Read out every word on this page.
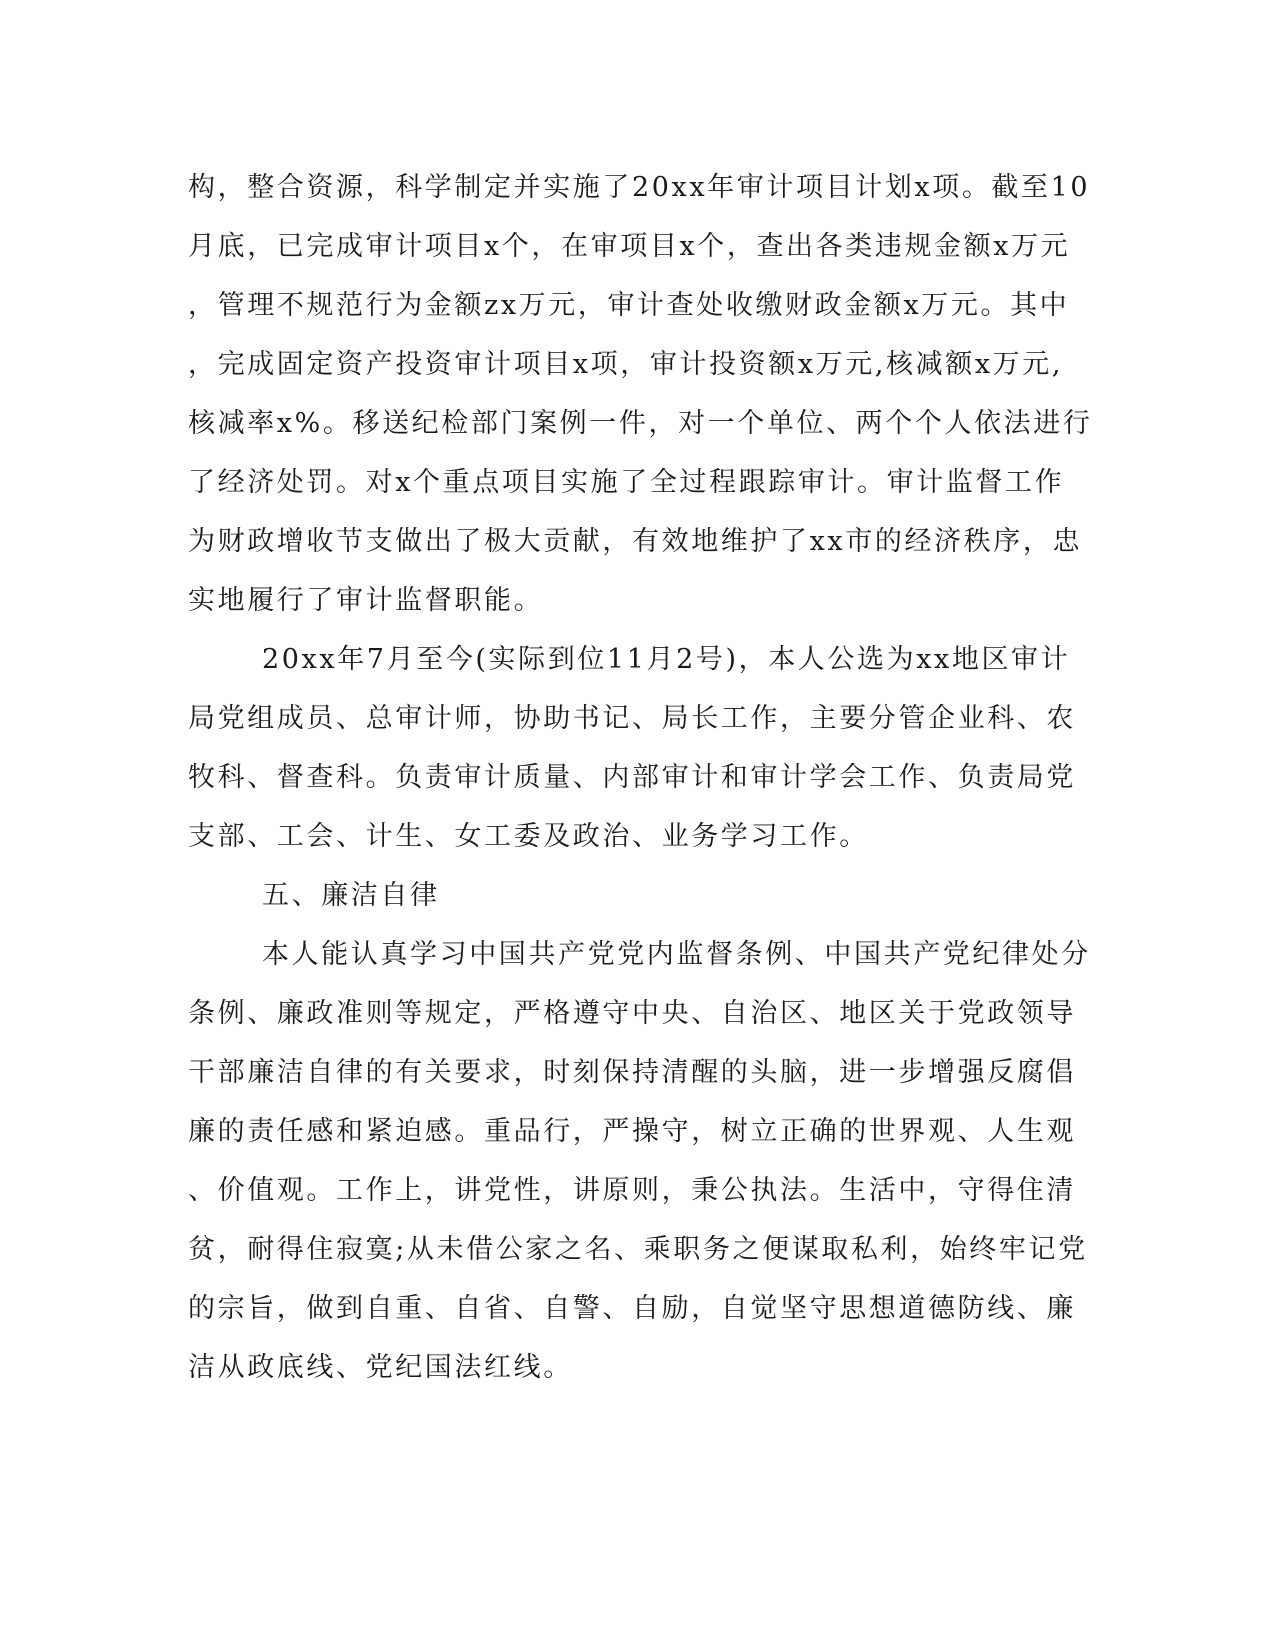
构，整合资源，科学制定并实施了20xx年审计项目计划x项。截至10
月底，已完成审计项目x个，在审项目x个，查出各类违规金额x万元
，管理不规范行为金额zx万元，审计查处收缴财政金额x万元。其中
，完成固定资产投资审计项目x项，审计投资额x万元,核减额x万元,
核减率x%。移送纪检部门案例一件，对一个单位、两个个人依法进行
了经济处罚。对x个重点项目实施了全过程跟踪审计。审计监督工作
为财政增收节支做出了极大贡献，有效地维护了xx市的经济秩序，忠
实地履行了审计监督职能。
20xx年7月至今(实际到位11月2号)，本人公选为xx地区审计
局党组成员、总审计师，协助书记、局长工作，主要分管企业科、农
牧科、督查科。负责审计质量、内部审计和审计学会工作、负责局党
支部、工会、计生、女工委及政治、业务学习工作。
五、廉洁自律
本人能认真学习中国共产党党内监督条例、中国共产党纪律处分
条例、廉政准则等规定，严格遵守中央、自治区、地区关于党政领导
干部廉洁自律的有关要求，时刻保持清醒的头脑，进一步增强反腐倡
廉的责任感和紧迫感。重品行，严操守，树立正确的世界观、人生观
、价值观。工作上，讲党性，讲原则，秉公执法。生活中，守得住清
贫，耐得住寂寞;从未借公家之名、乘职务之便谋取私利，始终牢记党
的宗旨，做到自重、自省、自警、自励，自觉坚守思想道德防线、廉
洁从政底线、党纪国法红线。
